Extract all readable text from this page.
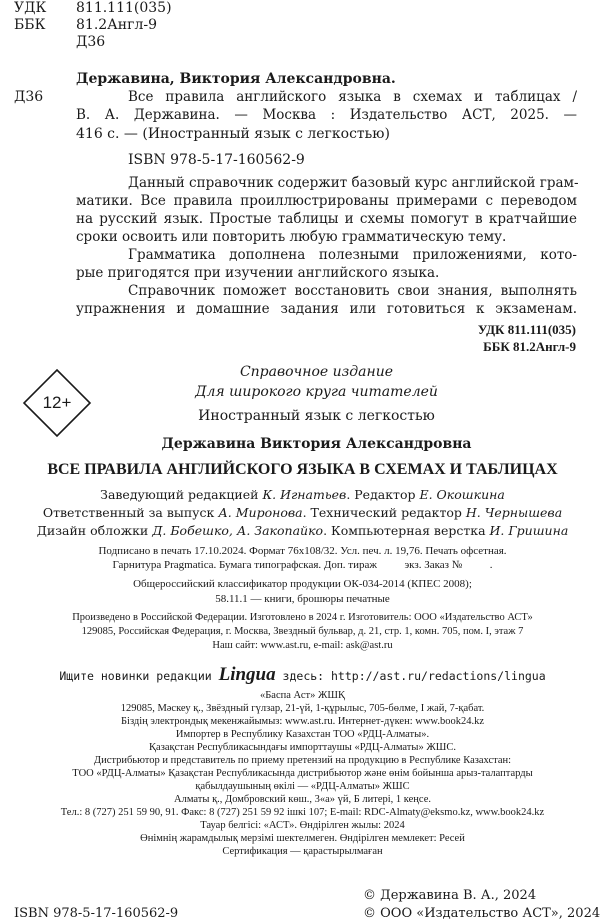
УДК 811.111(035)
ББК 81.2Англ-9
Д36
Державина, Виктория Александровна.
Д36	Все правила английского языка в схемах и таблицах /
В. А. Державина. — Москва : Издательство АСТ, 2025. —
416 с. — (Иностранный язык с легкостью)
ISBN 978-5-17-160562-9
Данный справочник содержит базовый курс английской грам-
матики. Все правила проиллюстрированы примерами с переводом
на русский язык. Простые таблицы и схемы помогут в кратчайшие
сроки освоить или повторить любую грамматическую тему.
Грамматика дополнена полезными приложениями, кото-
рые пригодятся при изучении английского языка.
Справочник поможет восстановить свои знания, выполнять
упражнения и домашние задания или готовиться к экзаменам.
УДК 811.111(035)
ББК 81.2Англ-9
12+
Справочное издание
Для широкого круга читателей
Иностранный язык с легкостью
Державина Виктория Александровна
ВСЕ ПРАВИЛА АНГЛИЙСКОГО ЯЗЫКА В СХЕМАХ И ТАБЛИЦАХ
Заведующий редакцией К. Игнатьев. Редактор Е. Окошкина
Ответственный за выпуск А. Миронова. Технический редактор Н. Чернышева
Дизайн обложки Д. Бобешко, А. Закопайко. Компьютерная верстка И. Гришина
Подписано в печать 17.10.2024. Формат 76x108/32. Усл. печ. л. 19,76. Печать офсетная.
Гарнитура Pragmatica. Бумага типографская. Доп. тираж          экз. Заказ №          .
Общероссийский классификатор продукции ОК-034-2014 (КПЕС 2008);
58.11.1 — книги, брошюры печатные
Произведено в Российской Федерации. Изготовлено в 2024 г. Изготовитель: ООО «Издательство АСТ»
129085, Российская Федерация, г. Москва, Звездный бульвар, д. 21, стр. 1, комн. 705, пом. I, этаж 7
Наш сайт: www.ast.ru, e-mail: ask@ast.ru
Ищите новинки редакции Lingua здесь: http://ast.ru/redactions/lingua
«Баспа Аст» ЖШҚ
129085, Мәскеу қ., Звёздный гүлзар, 21-үй, 1-құрылыс, 705-бөлме, I жай, 7-қабат.
Біздің электрондық мекенжайымыз: www.ast.ru. Интернет-дүкен: www.book24.kz
Импортер в Республику Казахстан ТОО «РДЦ-Алматы».
Қазақстан Республикасындағы импорттаушы «РДЦ-Алматы» ЖШС.
Дистрибьютор и представитель по приему претензий на продукцию в Республике Казахстан:
ТОО «РДЦ-Алматы» Қазақстан Республикасында дистрибьютор және өнім бойынша арыз-талаптарды
қабылдаушының өкілі — «РДЦ-Алматы» ЖШС
Алматы қ., Домбровский көш., 3«а» үй, Б литері, 1 кеңсе.
Тел.: 8 (727) 251 59 90, 91. Факс: 8 (727) 251 59 92 ішкі 107; E-mail: RDC-Almaty@eksmo.kz, www.book24.kz
Тауар белгісі: «АСТ». Өндірілген жылы: 2024
Өнімнің жарамдылық мерзімі шектелмеген. Өндірілген мемлекет: Ресей
Сертификация — қарастырылмаған
ISBN 978-5-17-160562-9
© Державина В. А., 2024
© ООО «Издательство АСТ», 2024
